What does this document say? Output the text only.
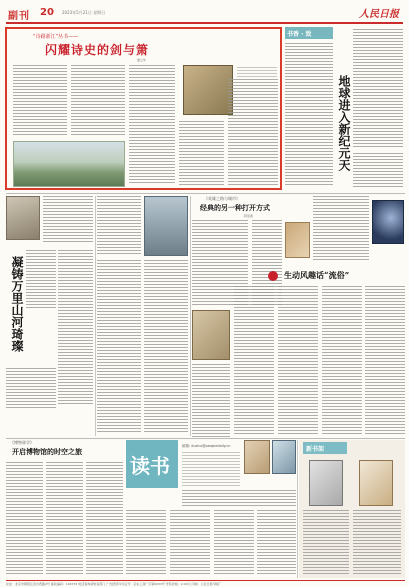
副刊 20 2023年5月21日 星期日	人民日报
“诗路浙江”丛书——
闪耀诗史的剑与箫
夏立华
书香 · 致
地球进入新纪元天
凝铸万里山河琦璨
《英雄之路与城市》
经典的另一种打开方式
阿思黄
生动风趣话“流俗”
读书
邮箱: dushu@peopledaily.cn
《博物驿学》
开启博物馆的时空之旅	新书架
社址：北京市朝阳区金台西路2号 邮政编码：100733 电话查询请转各部门 广告经营许可证号：京东工商广字第0033号 零售价格：2.00元 印刷：人民日报印刷厂
